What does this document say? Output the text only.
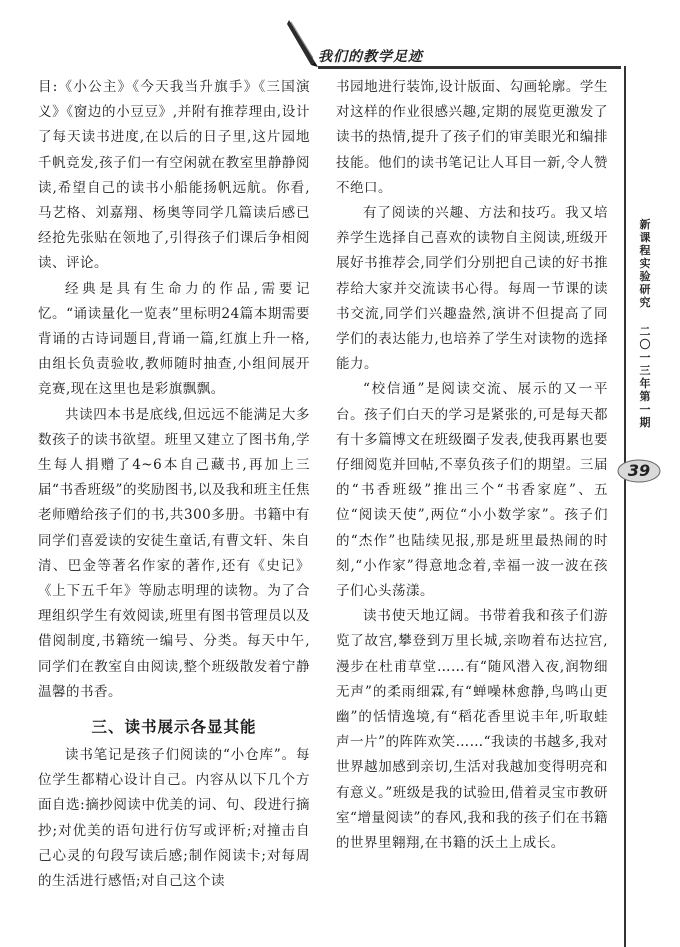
我们的教学足迹

目:《小公主》《今天我当升旗手》《三国演义》《窗边的小豆豆》,并附有推荐理由,设计了每天读书进度,在以后的日子里,这片园地千帆竞发,孩子们一有空闲就在教室里静静阅读,希望自己的读书小船能扬帆远航。你看,马艺格、刘嘉翔、杨奥等同学几篇读后感已经抢先张贴在领地了,引得孩子们课后争相阅读、评论。

经典是具有生命力的作品,需要记忆。“诵读量化一览表”里标明24篇本期需要背诵的古诗词题目,背诵一篇,红旗上升一格,由组长负责验收,教师随时抽查,小组间展开竞赛,现在这里也是彩旗飘飘。

共读四本书是底线,但远远不能满足大多数孩子的读书欲望。班里又建立了图书角,学生每人捐赠了4~6本自己藏书,再加上三届“书香班级”的奖励图书,以及我和班主任焦老师赠给孩子们的书,共300多册。书籍中有同学们喜爱读的安徒生童话,有曹文轩、朱自清、巴金等著名作家的著作,还有《史记》《上下五千年》等励志明理的读物。为了合理组织学生有效阅读,班里有图书管理员以及借阅制度,书籍统一编号、分类。每天中午,同学们在教室自由阅读,整个班级散发着宁静温馨的书香。

三、读书展示各显其能

读书笔记是孩子们阅读的“小仓库”。每位学生都精心设计自己。内容从以下几个方面自选:摘抄阅读中优美的词、句、段进行摘抄;对优美的语句进行仿写或评析;对撞击自己心灵的句段写读后感;制作阅读卡;对每周的生活进行感悟;对自己这个读

书园地进行装饰,设计版面、勾画轮廓。学生对这样的作业很感兴趣,定期的展览更激发了读书的热情,提升了孩子们的审美眼光和编排技能。他们的读书笔记让人耳目一新,令人赞不绝口。

有了阅读的兴趣、方法和技巧。我又培养学生选择自己喜欢的读物自主阅读,班级开展好书推荐会,同学们分别把自己读的好书推荐给大家并交流读书心得。每周一节课的读书交流,同学们兴趣盎然,演讲不但提高了同学们的表达能力,也培养了学生对读物的选择能力。

“校信通”是阅读交流、展示的又一平台。孩子们白天的学习是紧张的,可是每天都有十多篇博文在班级圈子发表,使我再累也要仔细阅览并回帖,不辜负孩子们的期望。三届的“书香班级”推出三个“书香家庭”、五位“阅读天使”,两位“小小数学家”。孩子们的“杰作”也陆续见报,那是班里最热闹的时刻,“小作家”得意地念着,幸福一波一波在孩子们心头荡漾。

读书使天地辽阔。书带着我和孩子们游览了故宫,攀登到万里长城,亲吻着布达拉宫,漫步在杜甫草堂……有“随风潜入夜,润物细无声”的柔雨细霖,有“蝉噪林愈静,鸟鸣山更幽”的恬情逸境,有“稻花香里说丰年,听取蛙声一片”的阵阵欢笑……“我读的书越多,我对世界越加感到亲切,生活对我越加变得明亮和有意义。”班级是我的试验田,借着灵宝市教研室“增量阅读”的春风,我和我的孩子们在书籍的世界里翱翔,在书籍的沃土上成长。

新课程实验研究
二〇一三年 第一期
39
